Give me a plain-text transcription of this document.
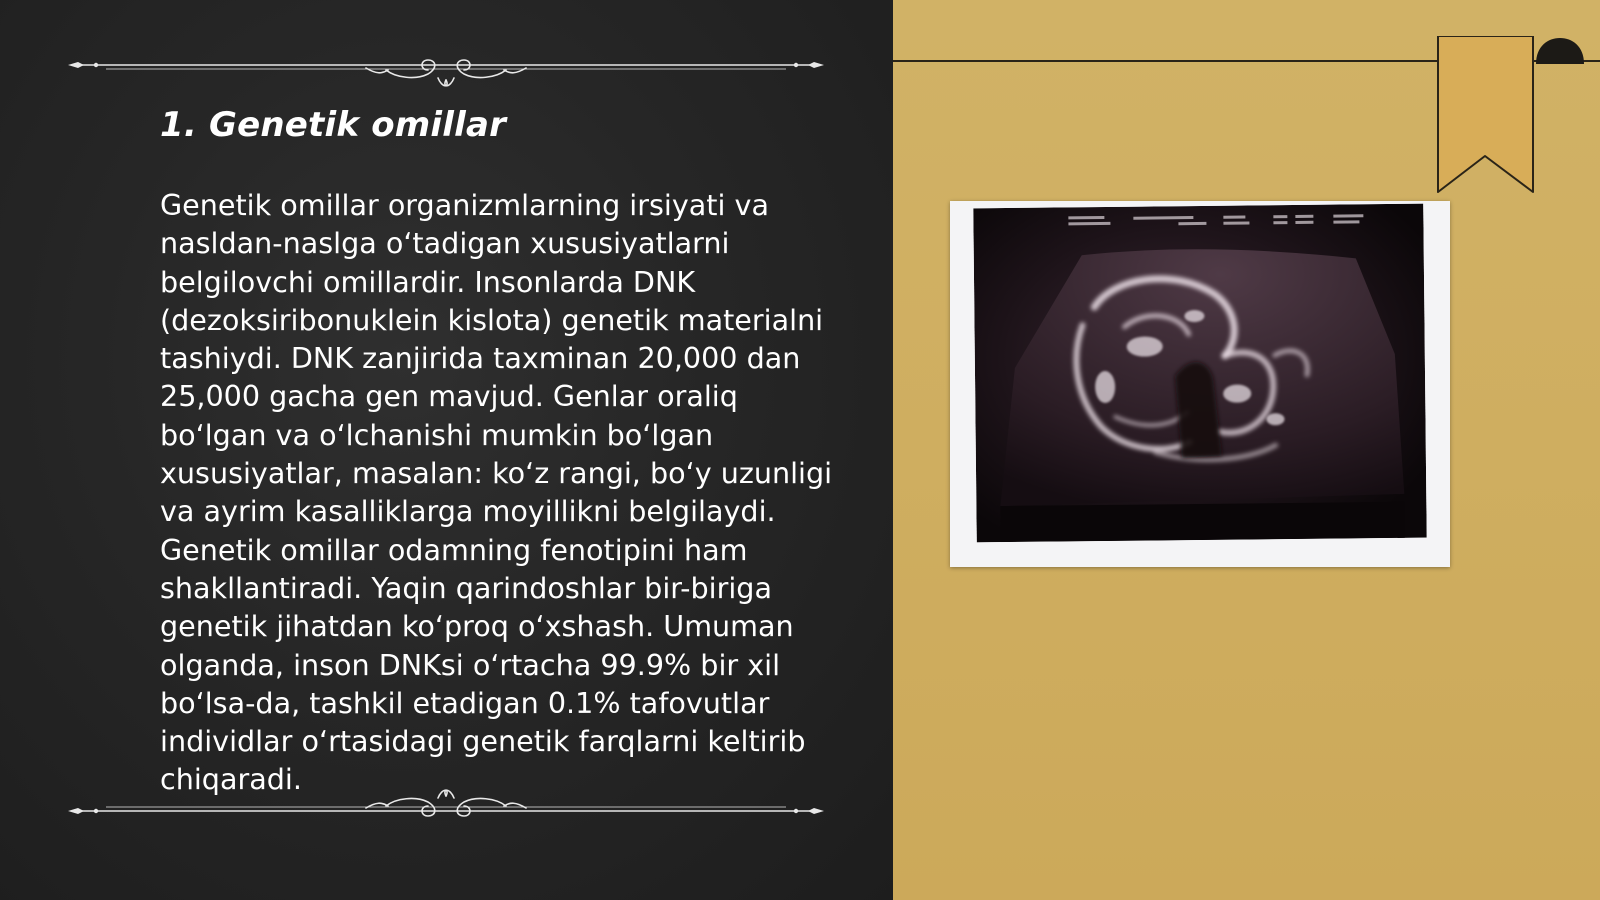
1. Genetik omillar

Genetik omillar organizmlarning irsiyati va nasldan-naslga oʻtadigan xususiyatlarni belgilovchi omillardir. Insonlarda DNK (dezoksiribonuklein kislota) genetik materialni tashiydi. DNK zanjirida taxminan 20,000 dan 25,000 gacha gen mavjud. Genlar oraliq boʻlgan va oʻlchanishi mumkin boʻlgan xususiyatlar, masalan: koʻz rangi, boʻy uzunligi va ayrim kasalliklarga moyillikni belgilaydi. Genetik omillar odamning fenotipini ham shakllantiradi. Yaqin qarindoshlar bir-biriga genetik jihatdan koʻproq oʻxshash. Umuman olganda, inson DNKsi oʻrtacha 99.9% bir xil boʻlsa-da, tashkil etadigan 0.1% tafovutlar individlar oʻrtasidagi genetik farqlarni keltirib chiqaradi.
